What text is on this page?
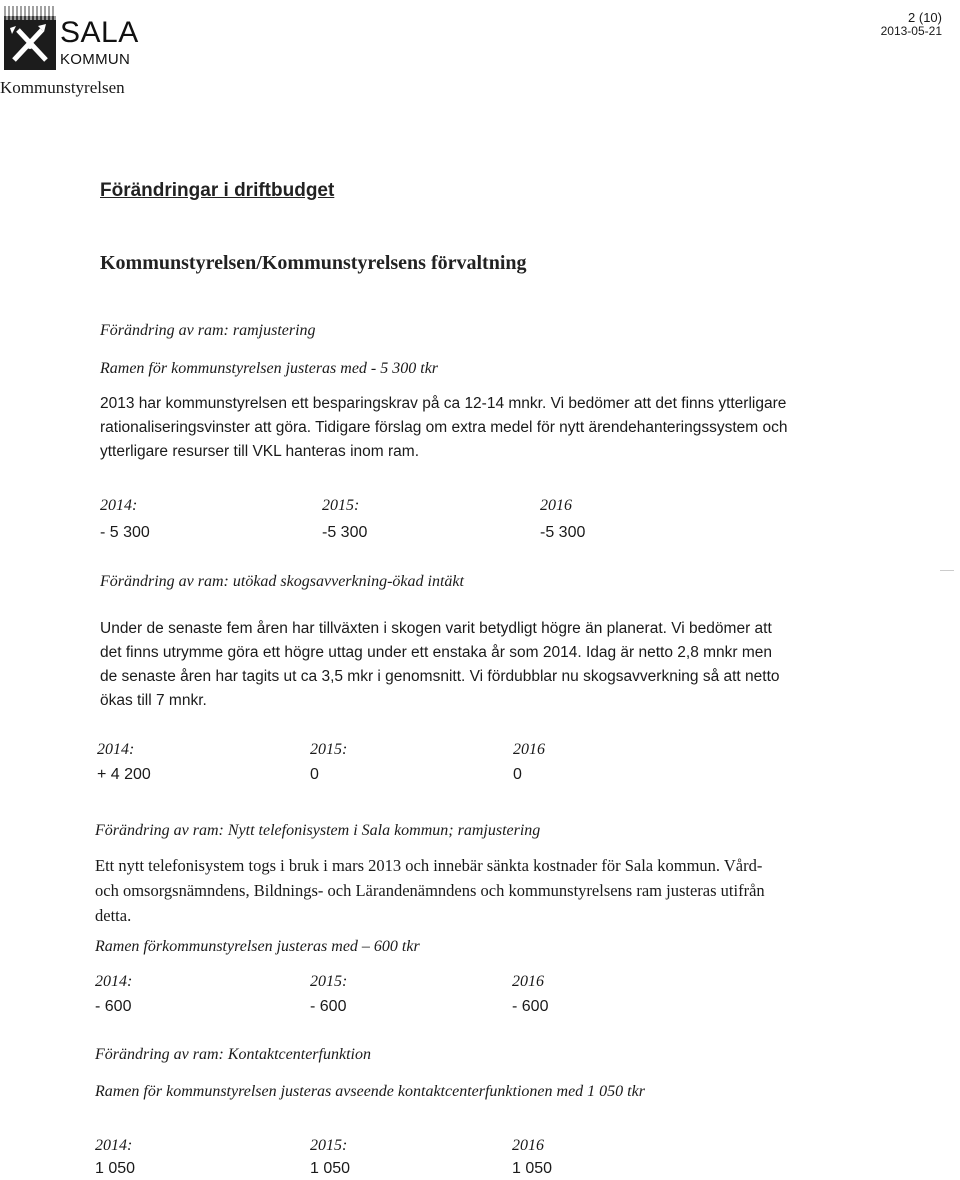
SALA
KOMMUN
2 (10)
2013-05-21
Kommunstyrelsen
Förändringar i driftbudget
Kommunstyrelsen/Kommunstyrelsens förvaltning
Förändring av ram: ramjustering
Ramen för kommunstyrelsen justeras med - 5 300 tkr

2013 har kommunstyrelsen ett besparingskrav på ca 12-14 mnkr. Vi bedömer att det finns ytterligare rationaliseringsvinster att göra. Tidigare förslag om extra medel för nytt ärendehanteringssystem och ytterligare resurser till VKL hanteras inom ram.

2014:	2015:	2016
- 5 300	-5 300	-5 300
Förändring av ram: utökad skogsavverkning-ökad intäkt

Under de senaste fem åren har tillväxten i skogen varit betydligt högre än planerat. Vi bedömer att det finns utrymme göra ett högre uttag under ett enstaka år som 2014. Idag är netto 2,8 mnkr men de senaste åren har tagits ut ca 3,5 mkr i genomsnitt. Vi fördubblar nu skogsavverkning så att netto ökas till 7 mnkr.

2014:	2015:	2016
+ 4 200	0	0
Förändring av ram: Nytt telefonisystem i Sala kommun; ramjustering

Ett nytt telefonisystem togs i bruk i mars 2013 och innebär sänkta kostnader för Sala kommun. Vård- och omsorgsnämndens, Bildnings- och Lärandenämndens och kommunstyrelsens ram justeras utifrån detta.

Ramen förkommunstyrelsen justeras med – 600 tkr
2014:	2015:	2016
- 600	- 600	- 600
Förändring av ram: Kontaktcenterfunktion
Ramen för kommunstyrelsen justeras avseende kontaktcenterfunktionen med 1 050 tkr
2014:	2015:	2016
1 050	1 050	1 050
